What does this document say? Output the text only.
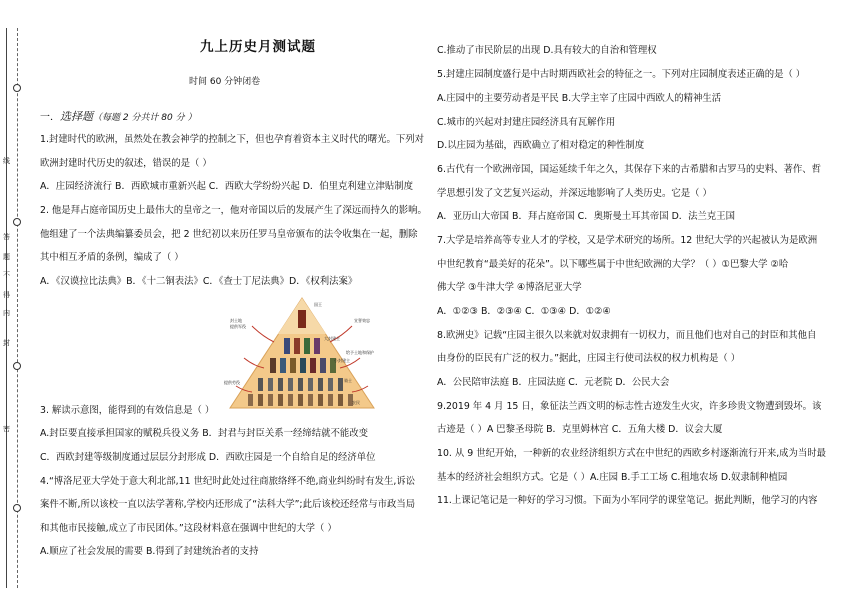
线
答
题
不
得
内
封
密

九上历史月测试题

时间 60 分钟闭卷

一．选择题（每题 2 分共计 80 分 ）

1.封建时代的欧洲，虽然处在教会神学的控制之下，但也孕育着资本主义时代的曙光。下列对

欧洲封建时代历史的叙述，错误的是（ ）

A．庄园经济流行 B．西欧城市重新兴起 C．西欧大学纷纷兴起 D．伯里克利建立津贴制度

2. 他是拜占庭帝国历史上最伟大的皇帝之一，他对帝国以后的发展产生了深远而持久的影响。

他组建了一个法典编纂委员会，把 2 世纪初以来历任罗马皇帝颁布的法令收集在一起，删除

其中相互矛盾的条例，编成了（ ）

A．《汉谟拉比法典》B．《十二铜表法》C．《查士丁尼法典》D．《权利法案》

国王
大封建主
小封建主
骑士
农民
封土地
提供军役
宣誓效忠
给予土地和保护
提供劳役

3. 解读示意图，能得到的有效信息是（ ）

A.封臣要直接承担国家的赋税兵役义务 B．封君与封臣关系一经缔结就不能改变

C．西欧封建等级制度通过层层分封形成 D．西欧庄园是一个自给自足的经济单位

4.“博洛尼亚大学处于意大利北部,11 世纪时此处过往商旅络绎不绝,商业纠纷时有发生,诉讼

案件不断,所以该校一直以法学著称,学校内还形成了“法科大学”;此后该校还经常与市政当局

和其他市民接触,成立了市民团体。”这段材料意在强调中世纪的大学（ ）

A.顺应了社会发展的需要 B.得到了封建统治者的支持

C.推动了市民阶层的出现 D.具有较大的自治和管理权

5.封建庄园制度盛行是中古时期西欧社会的特征之一。下列对庄园制度表述正确的是（ ）

A.庄园中的主要劳动者是平民 B.大学主宰了庄园中西欧人的精神生活

C.城市的兴起对封建庄园经济具有瓦解作用

D.以庄园为基础，西欧确立了相对稳定的种性制度

6.古代有一个欧洲帝国，国运延续千年之久，其保存下来的古希腊和古罗马的史料、著作、哲

学思想引发了文艺复兴运动，并深远地影响了人类历史。它是（ ）

A．亚历山大帝国 B．拜占庭帝国 C．奥斯曼土耳其帝国 D．法兰克王国

7.大学是培养高等专业人才的学校，又是学术研究的场所。12 世纪大学的兴起被认为是欧洲

中世纪教育“最美好的花朵”。以下哪些属于中世纪欧洲的大学？（ ）①巴黎大学 ②哈

佛大学 ③牛津大学 ④博洛尼亚大学

A．①②③ B．②③④ C．①③④ D．①②④

8.欧洲史》记载“庄园主很久以来就对奴隶拥有一切权力，而且他们也对自己的封臣和其他自

由身份的臣民有广泛的权力。”据此，庄园主行使司法权的权力机构是（ ）

A．公民陪审法庭 B．庄园法庭 C．元老院 D．公民大会

9.2019 年 4 月 15 日，象征法兰西文明的标志性古迹发生火灾，许多珍贵文物遭到毁坏。该

古迹是（ ）A 巴黎圣母院 B．克里姆林宫 C．五角大楼 D．议会大厦

10. 从 9 世纪开始，一种新的农业经济组织方式在中世纪的西欧乡村逐渐流行开来,成为当时最

基本的经济社会组织方式。它是（ ）A.庄园 B.手工工场 C.租地农场 D.奴隶制种植园

11.上课记笔记是一种好的学习习惯。下面为小军同学的课堂笔记。据此判断，他学习的内容
